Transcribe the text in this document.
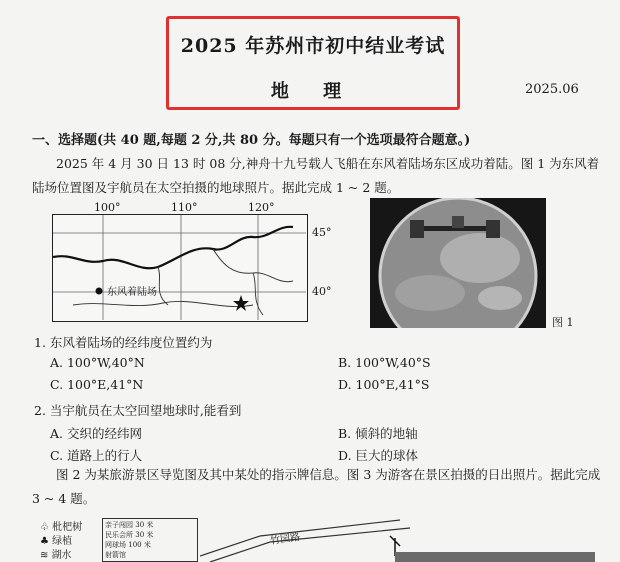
2025 年苏州市初中结业考试
地 理	2025.06
一、选择题(共 40 题,每题 2 分,共 80 分。每题只有一个选项最符合题意。)
2025 年 4 月 30 日 13 时 08 分,神舟十九号载人飞船在东风着陆场东区成功着陆。图 1 为东风着陆场位置图及宇航员在太空拍摄的地球照片。据此完成 1 ~ 2 题。
100°	110°	120°
东风着陆场
45°
40°
图 1
1. 东风着陆场的经纬度位置约为
A. 100°W,40°N	B. 100°W,40°S
C. 100°E,41°N	D. 100°E,41°S
2. 当宇航员在太空回望地球时,能看到
A. 交织的经纬网	B. 倾斜的地轴
C. 道路上的行人	D. 巨大的球体
图 2 为某旅游景区导览图及其中某处的指示牌信息。图 3 为游客在景区拍摄的日出照片。据此完成 3 ~ 4 题。
♧ 枇杷树
♣ 绿植
≋ 湖水
亲子闯园 30 米
民乐会所 30 米
网球场 100 米
射箭馆
竹园路
